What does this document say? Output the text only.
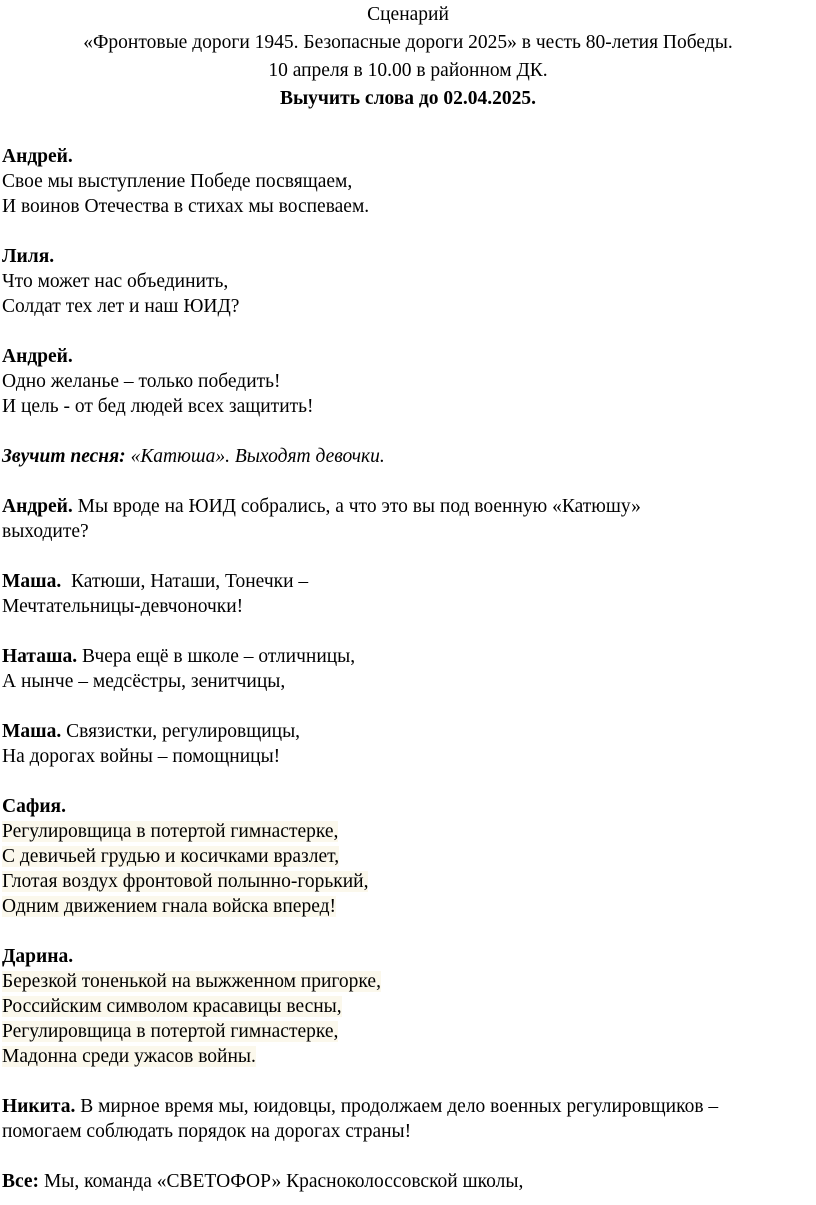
Сценарий

«Фронтовые дороги 1945. Безопасные дороги 2025» в честь 80-летия Победы.

10 апреля в 10.00 в районном ДК.

Выучить слова до 02.04.2025.

Андрей.

Свое мы выступление Победе посвящаем,

И воинов Отечества в стихах мы воспеваем.

Лиля.

Что может нас объединить,

Солдат тех лет и наш ЮИД?

Андрей.

Одно желанье – только победить!

И цель - от бед людей всех защитить!

Звучит песня: «Катюша». Выходят девочки.

Андрей. Мы вроде на ЮИД собрались, а что это вы под военную «Катюшу»

выходите?

Маша.  Катюши, Наташи, Тонечки –

Мечтательницы-девчоночки!

Наташа. Вчера ещё в школе – отличницы,

А нынче – медсёстры, зенитчицы,

Маша. Связистки, регулировщицы,

На дорогах войны – помощницы!

Сафия.

Регулировщица в потертой гимнастерке,

С девичьей грудью и косичками вразлет,

Глотая воздух фронтовой полынно-горький,

Одним движением гнала войска вперед!

Дарина.

Березкой тоненькой на выжженном пригорке,

Российским символом красавицы весны,

Регулировщица в потертой гимнастерке,

Мадонна среди ужасов войны.

Никита. В мирное время мы, юидовцы, продолжаем дело военных регулировщиков –

помогаем соблюдать порядок на дорогах страны!

Все: Мы, команда «СВЕТОФОР» Красноколоссовской школы,
